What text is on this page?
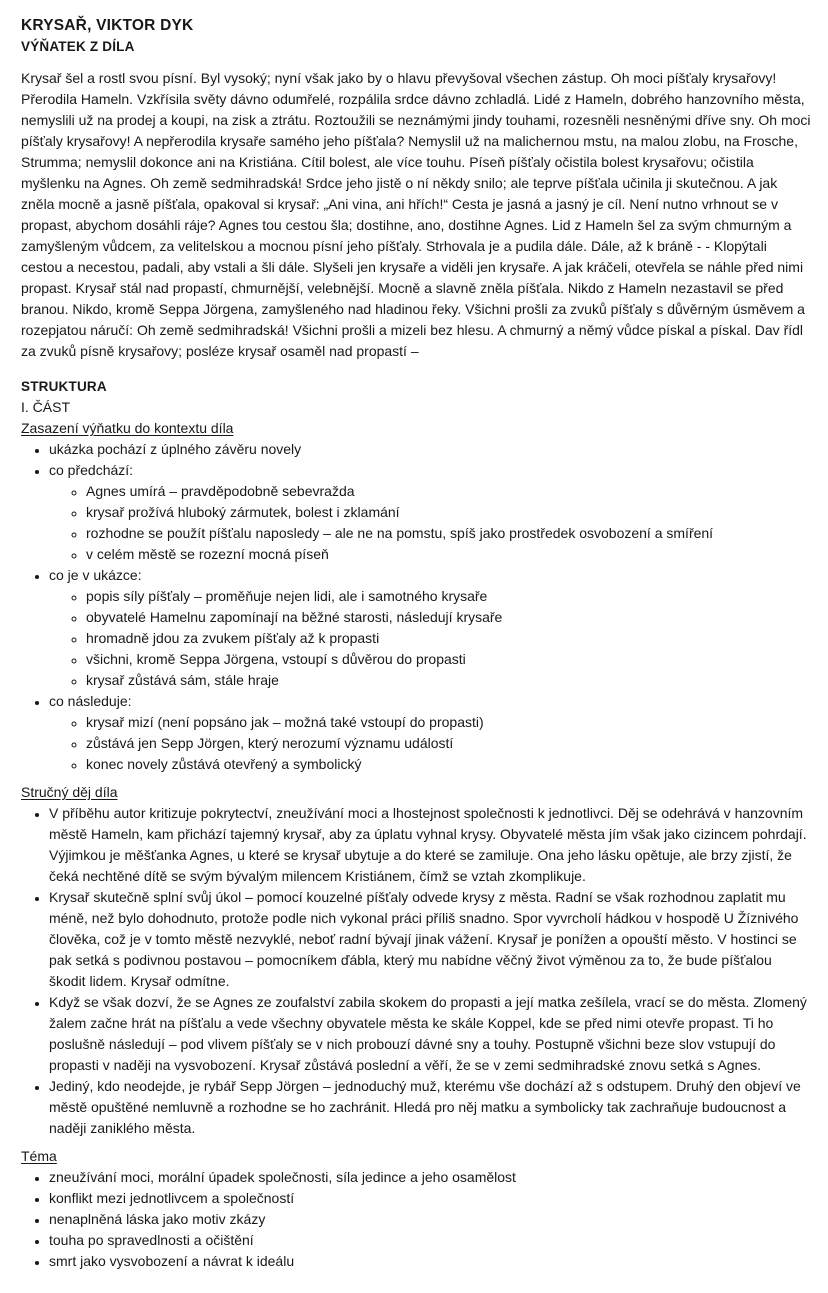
KRYSAŘ, VIKTOR DYK
VÝŇATEK Z DÍLA

Krysař šel a rostl svou písní. Byl vysoký; nyní však jako by o hlavu převyšoval všechen zástup. Oh moci píšťaly krysařovy! Přerodila Hameln. Vzkřísila světy dávno odumřelé, rozpálila srdce dávno zchladlá. Lidé z Hameln, dobrého hanzovního města, nemyslili už na prodej a koupi, na zisk a ztrátu. Roztoužili se neznámými jindy touhami, rozesněli nesněnými dříve sny. Oh moci píšťaly krysařovy! A nepřerodila krysaře samého jeho píšťala? Nemyslil už na malichernou mstu, na malou zlobu, na Frosche, Strumma; nemyslil dokonce ani na Kristiána. Cítil bolest, ale více touhu. Píseň píšťaly očistila bolest krysařovu; očistila myšlenku na Agnes. Oh země sedmihradská! Srdce jeho jistě o ní někdy snilo; ale teprve píšťala učinila ji skutečnou. A jak zněla mocně a jasně píšťala, opakoval si krysař: „Ani vina, ani hřích!“ Cesta je jasná a jasný je cíl. Není nutno vrhnout se v propast, abychom dosáhli ráje? Agnes tou cestou šla; dostihne, ano, dostihne Agnes. Lid z Hameln šel za svým chmurným a zamyšleným vůdcem, za velitelskou a mocnou písní jeho píšťaly. Strhovala je a pudila dále. Dále, až k bráně - - Klopýtali cestou a necestou, padali, aby vstali a šli dále. Slyšeli jen krysaře a viděli jen krysaře. A jak kráčeli, otevřela se náhle před nimi propast. Krysař stál nad propastí, chmurnější, velebnější. Mocně a slavně zněla píšťala. Nikdo z Hameln nezastavil se před branou. Nikdo, kromě Seppa Jörgena, zamyšleného nad hladinou řeky. Všichni prošli za zvuků píšťaly s důvěrným úsměvem a rozepjatou náručí: Oh země sedmihradská! Všichni prošli a mizeli bez hlesu. A chmurný a němý vůdce pískal a pískal. Dav řídl za zvuků písně krysařovy; posléze krysař osaměl nad propastí –

STRUKTURA
I. ČÁST
Zasazení výňatku do kontextu díla
• ukázka pochází z úplného závěru novely
• co předchází:
◦ Agnes umírá – pravděpodobně sebevražda
◦ krysař prožívá hluboký zármutek, bolest i zklamání
◦ rozhodne se použít píšťalu naposledy – ale ne na pomstu, spíš jako prostředek osvobození a smíření
◦ v celém městě se rozezní mocná píseň
• co je v ukázce:
◦ popis síly píšťaly – proměňuje nejen lidi, ale i samotného krysaře
◦ obyvatelé Hamelnu zapomínají na běžné starosti, následují krysaře
◦ hromadně jdou za zvukem píšťaly až k propasti
◦ všichni, kromě Seppa Jörgena, vstoupí s důvěrou do propasti
◦ krysař zůstává sám, stále hraje
• co následuje:
◦ krysař mizí (není popsáno jak – možná také vstoupí do propasti)
◦ zůstává jen Sepp Jörgen, který nerozumí významu událostí
◦ konec novely zůstává otevřený a symbolický
Stručný děj díla
• V příběhu autor kritizuje pokrytectví, zneužívání moci a lhostejnost společnosti k jednotlivci. Děj se odehrává v hanzovním městě Hameln, kam přichází tajemný krysař, aby za úplatu vyhnal krysy. Obyvatelé města jím však jako cizincem pohrdají. Výjimkou je měšťanka Agnes, u které se krysař ubytuje a do které se zamiluje. Ona jeho lásku opětuje, ale brzy zjistí, že čeká nechtěné dítě se svým bývalým milencem Kristiánem, čímž se vztah zkomplikuje.
• Krysař skutečně splní svůj úkol – pomocí kouzelné píšťaly odvede krysy z města. Radní se však rozhodnou zaplatit mu méně, než bylo dohodnuto, protože podle nich vykonal práci příliš snadno. Spor vyvrcholí hádkou v hospodě U Žíznivého člověka, což je v tomto městě nezvyklé, neboť radní bývají jinak vážení. Krysař je ponížen a opouští město. V hostinci se pak setká s podivnou postavou – pomocníkem ďábla, který mu nabídne věčný život výměnou za to, že bude píšťalou škodit lidem. Krysař odmítne.
• Když se však dozví, že se Agnes ze zoufalství zabila skokem do propasti a její matka zešílela, vrací se do města. Zlomený žalem začne hrát na píšťalu a vede všechny obyvatele města ke skále Koppel, kde se před nimi otevře propast. Ti ho poslušně následují – pod vlivem píšťaly se v nich probouzí dávné sny a touhy. Postupně všichni beze slov vstupují do propasti v naději na vysvobození. Krysař zůstává poslední a věří, že se v zemi sedmihradské znovu setká s Agnes.
• Jediný, kdo neodejde, je rybář Sepp Jörgen – jednoduchý muž, kterému vše dochází až s odstupem. Druhý den objeví ve městě opuštěné nemluvně a rozhodne se ho zachránit. Hledá pro něj matku a symbolicky tak zachraňuje budoucnost a naději zaniklého města.
Téma
• zneužívání moci, morální úpadek společnosti, síla jedince a jeho osamělost
• konflikt mezi jednotlivcem a společností
• nenaplněná láska jako motiv zkázy
• touha po spravedlnosti a očištění
• smrt jako vysvobození a návrat k ideálu
